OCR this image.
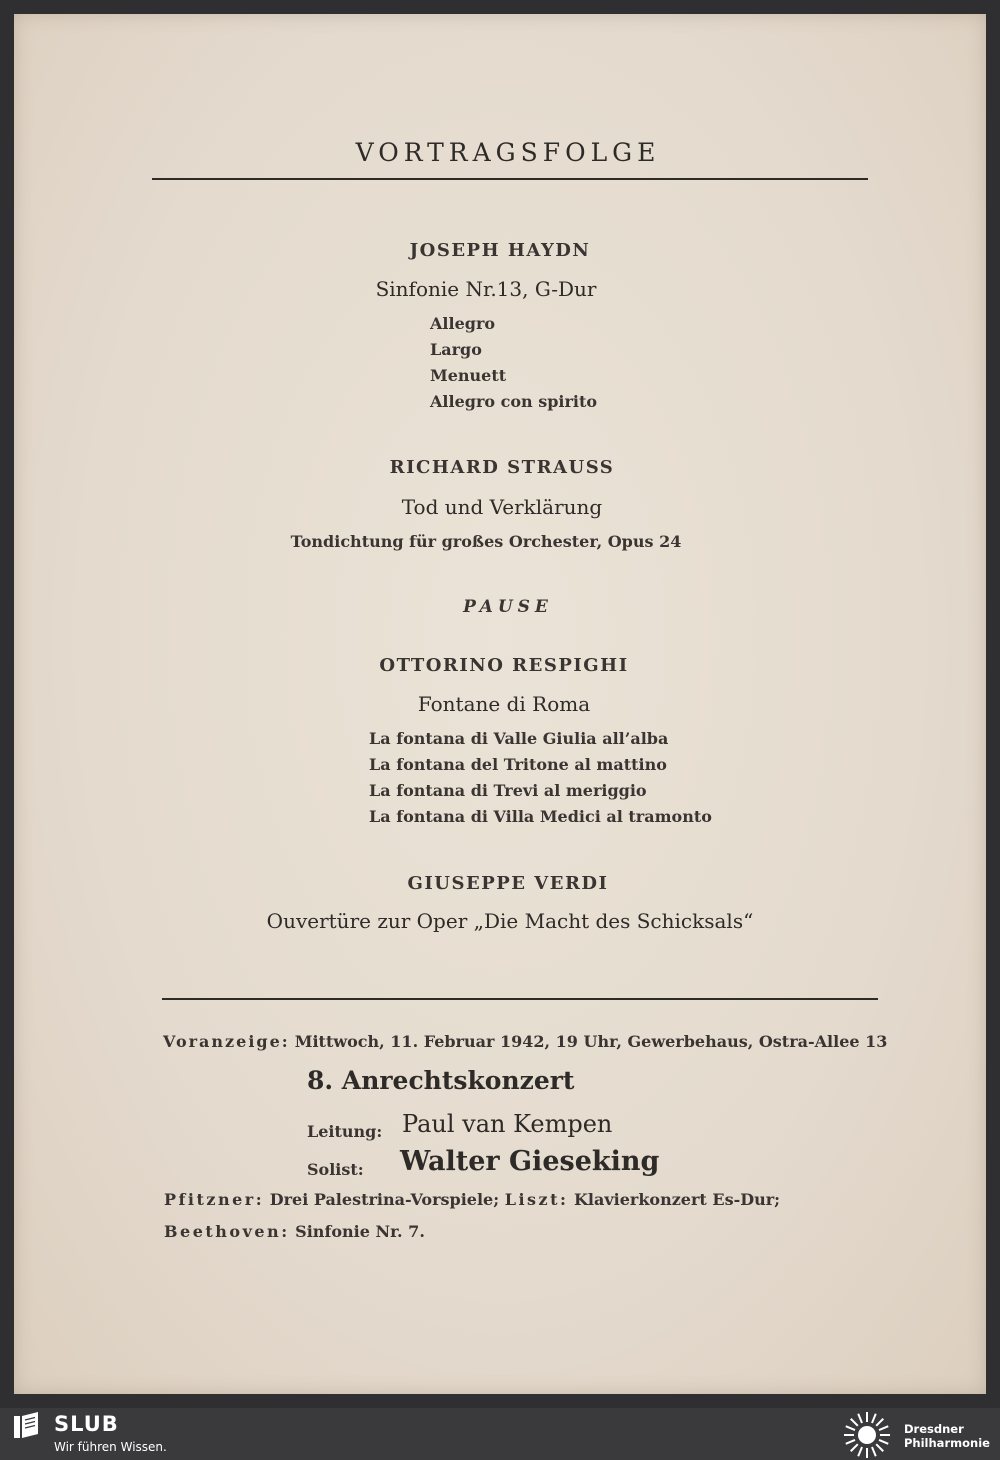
VORTRAGSFOLGE
JOSEPH HAYDN
Sinfonie Nr.13, G-Dur
Allegro
Largo
Menuett
Allegro con spirito
RICHARD STRAUSS
Tod und Verklärung
Tondichtung für großes Orchester, Opus 24
PAUSE
OTTORINO RESPIGHI
Fontane di Roma
La fontana di Valle Giulia all’alba
La fontana del Tritone al mattino
La fontana di Trevi al meriggio
La fontana di Villa Medici al tramonto
GIUSEPPE VERDI
Ouvertüre zur Oper „Die Macht des Schicksals“
Voranzeige: Mittwoch, 11. Februar 1942, 19 Uhr, Gewerbehaus, Ostra-Allee 13
8. Anrechtskonzert
Leitung: Paul van Kempen
Solist: Walter Gieseking
Pfitzner: Drei Palestrina-Vorspiele; Liszt: Klavierkonzert Es-Dur;
Beethoven: Sinfonie Nr. 7.
SLUB
Wir führen Wissen.
Dresdner
Philharmonie
